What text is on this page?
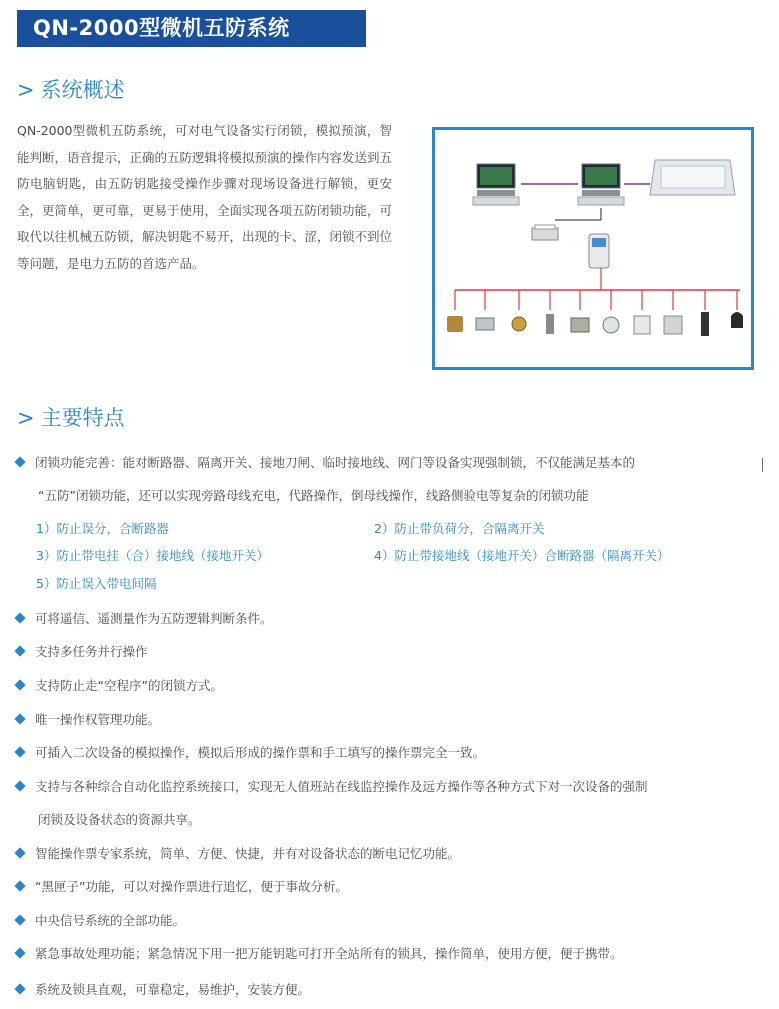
QN-2000型微机五防系统
> 系统概述

QN-2000型微机五防系统，可对电气设备实行闭锁，模拟预演，智能判断，语音提示，正确的五防逻辑将模拟预演的操作内容发送到五防电脑钥匙，由五防钥匙接受操作步骤对现场设备进行解锁，更安全，更简单，更可靠，更易于使用，全面实现各项五防闭锁功能，可取代以往机械五防锁，解决钥匙不易开，出现的卡、涩，闭锁不到位等问题，是电力五防的首选产品。

> 主要特点
闭锁功能完善：能对断路器、隔离开关、接地刀闸、临时接地线、网门等设备实现强制锁，不仅能满足基本的
“五防”闭锁功能，还可以实现旁路母线充电，代路操作，倒母线操作，线路侧验电等复杂的闭锁功能
1）防止误分，合断路器	2）防止带负荷分，合隔离开关
3）防止带电挂（合）接地线（接地开关）	4）防止带接地线（接地开关）合断路器（隔离开关）
5）防止误入带电间隔
可将遥信、遥测量作为五防逻辑判断条件。
支持多任务并行操作
支持防止走“空程序”的闭锁方式。
唯一操作权管理功能。
可插入二次设备的模拟操作，模拟后形成的操作票和手工填写的操作票完全一致。
支持与各种综合自动化监控系统接口，实现无人值班站在线监控操作及远方操作等各种方式下对一次设备的强制
闭锁及设备状态的资源共享。
智能操作票专家系统，简单、方便、快捷，并有对设备状态的断电记忆功能。
“黑匣子”功能，可以对操作票进行追忆，便于事故分析。
中央信号系统的全部功能。
紧急事故处理功能；紧急情况下用一把万能钥匙可打开全站所有的锁具，操作简单，使用方便，便于携带。
系统及锁具直观，可靠稳定，易维护，安装方便。
